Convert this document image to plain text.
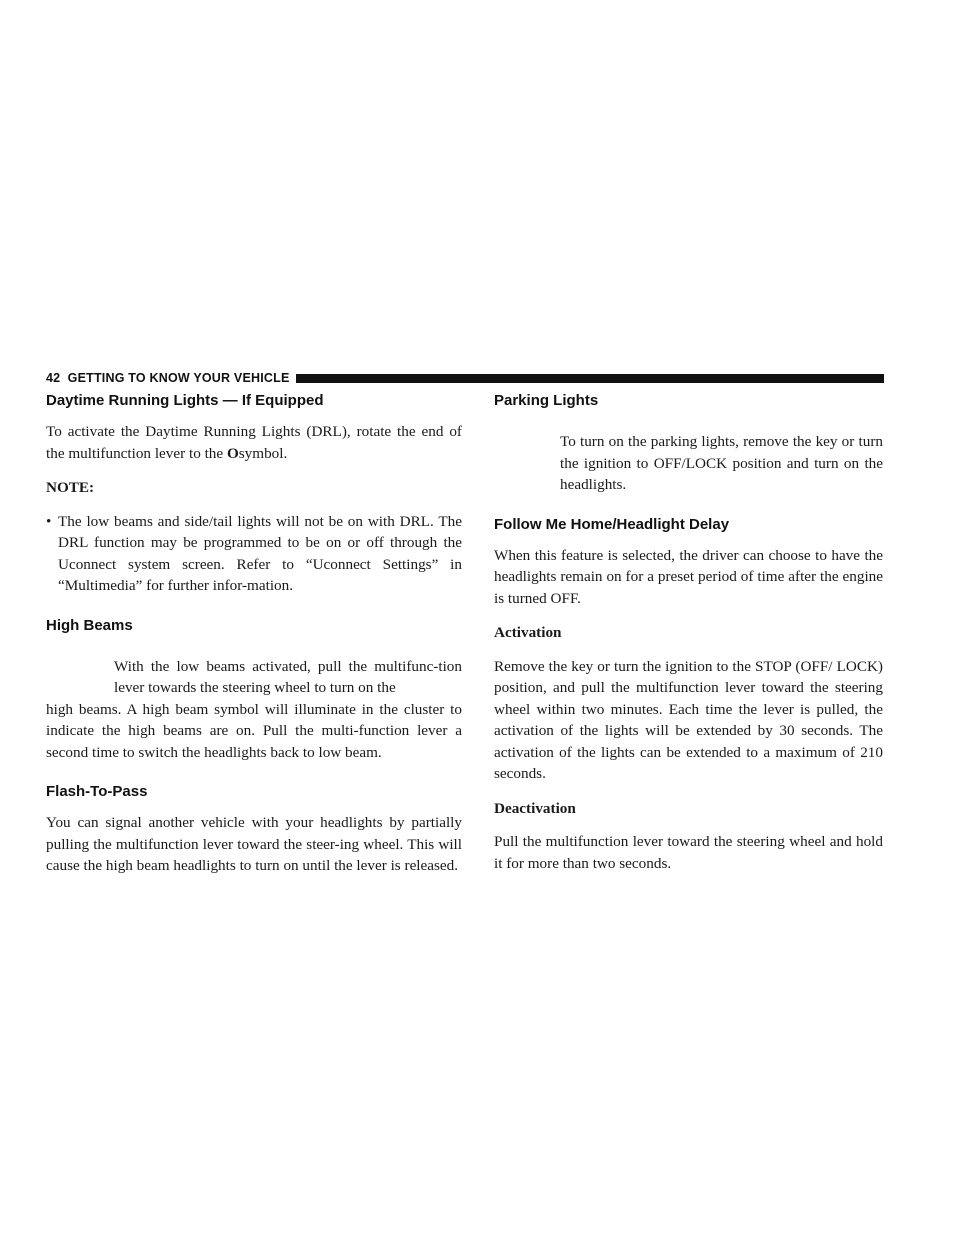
42 GETTING TO KNOW YOUR VEHICLE
Daytime Running Lights — If Equipped

To activate the Daytime Running Lights (DRL), rotate the end of the multifunction lever to the Osymbol.

NOTE:

• The low beams and side/tail lights will not be on with DRL. The DRL function may be programmed to be on or off through the Uconnect system screen. Refer to “Uconnect Settings” in “Multimedia” for further infor-mation.
High Beams

With the low beams activated, pull the multifunc-tion lever towards the steering wheel to turn on the

high beams. A high beam symbol will illuminate in the cluster to indicate the high beams are on. Pull the multi-function lever a second time to switch the headlights back to low beam.

Flash-To-Pass

You can signal another vehicle with your headlights by partially pulling the multifunction lever toward the steer-ing wheel. This will cause the high beam headlights to turn on until the lever is released.

Parking Lights

To turn on the parking lights, remove the key or turn the ignition to OFF/LOCK position and turn on the headlights.

Follow Me Home/Headlight Delay

When this feature is selected, the driver can choose to have the headlights remain on for a preset period of time after the engine is turned OFF.

Activation

Remove the key or turn the ignition to the STOP (OFF/ LOCK) position, and pull the multifunction lever toward the steering wheel within two minutes. Each time the lever is pulled, the activation of the lights will be extended by 30 seconds. The activation of the lights can be extended to a maximum of 210 seconds.

Deactivation

Pull the multifunction lever toward the steering wheel and hold it for more than two seconds.
